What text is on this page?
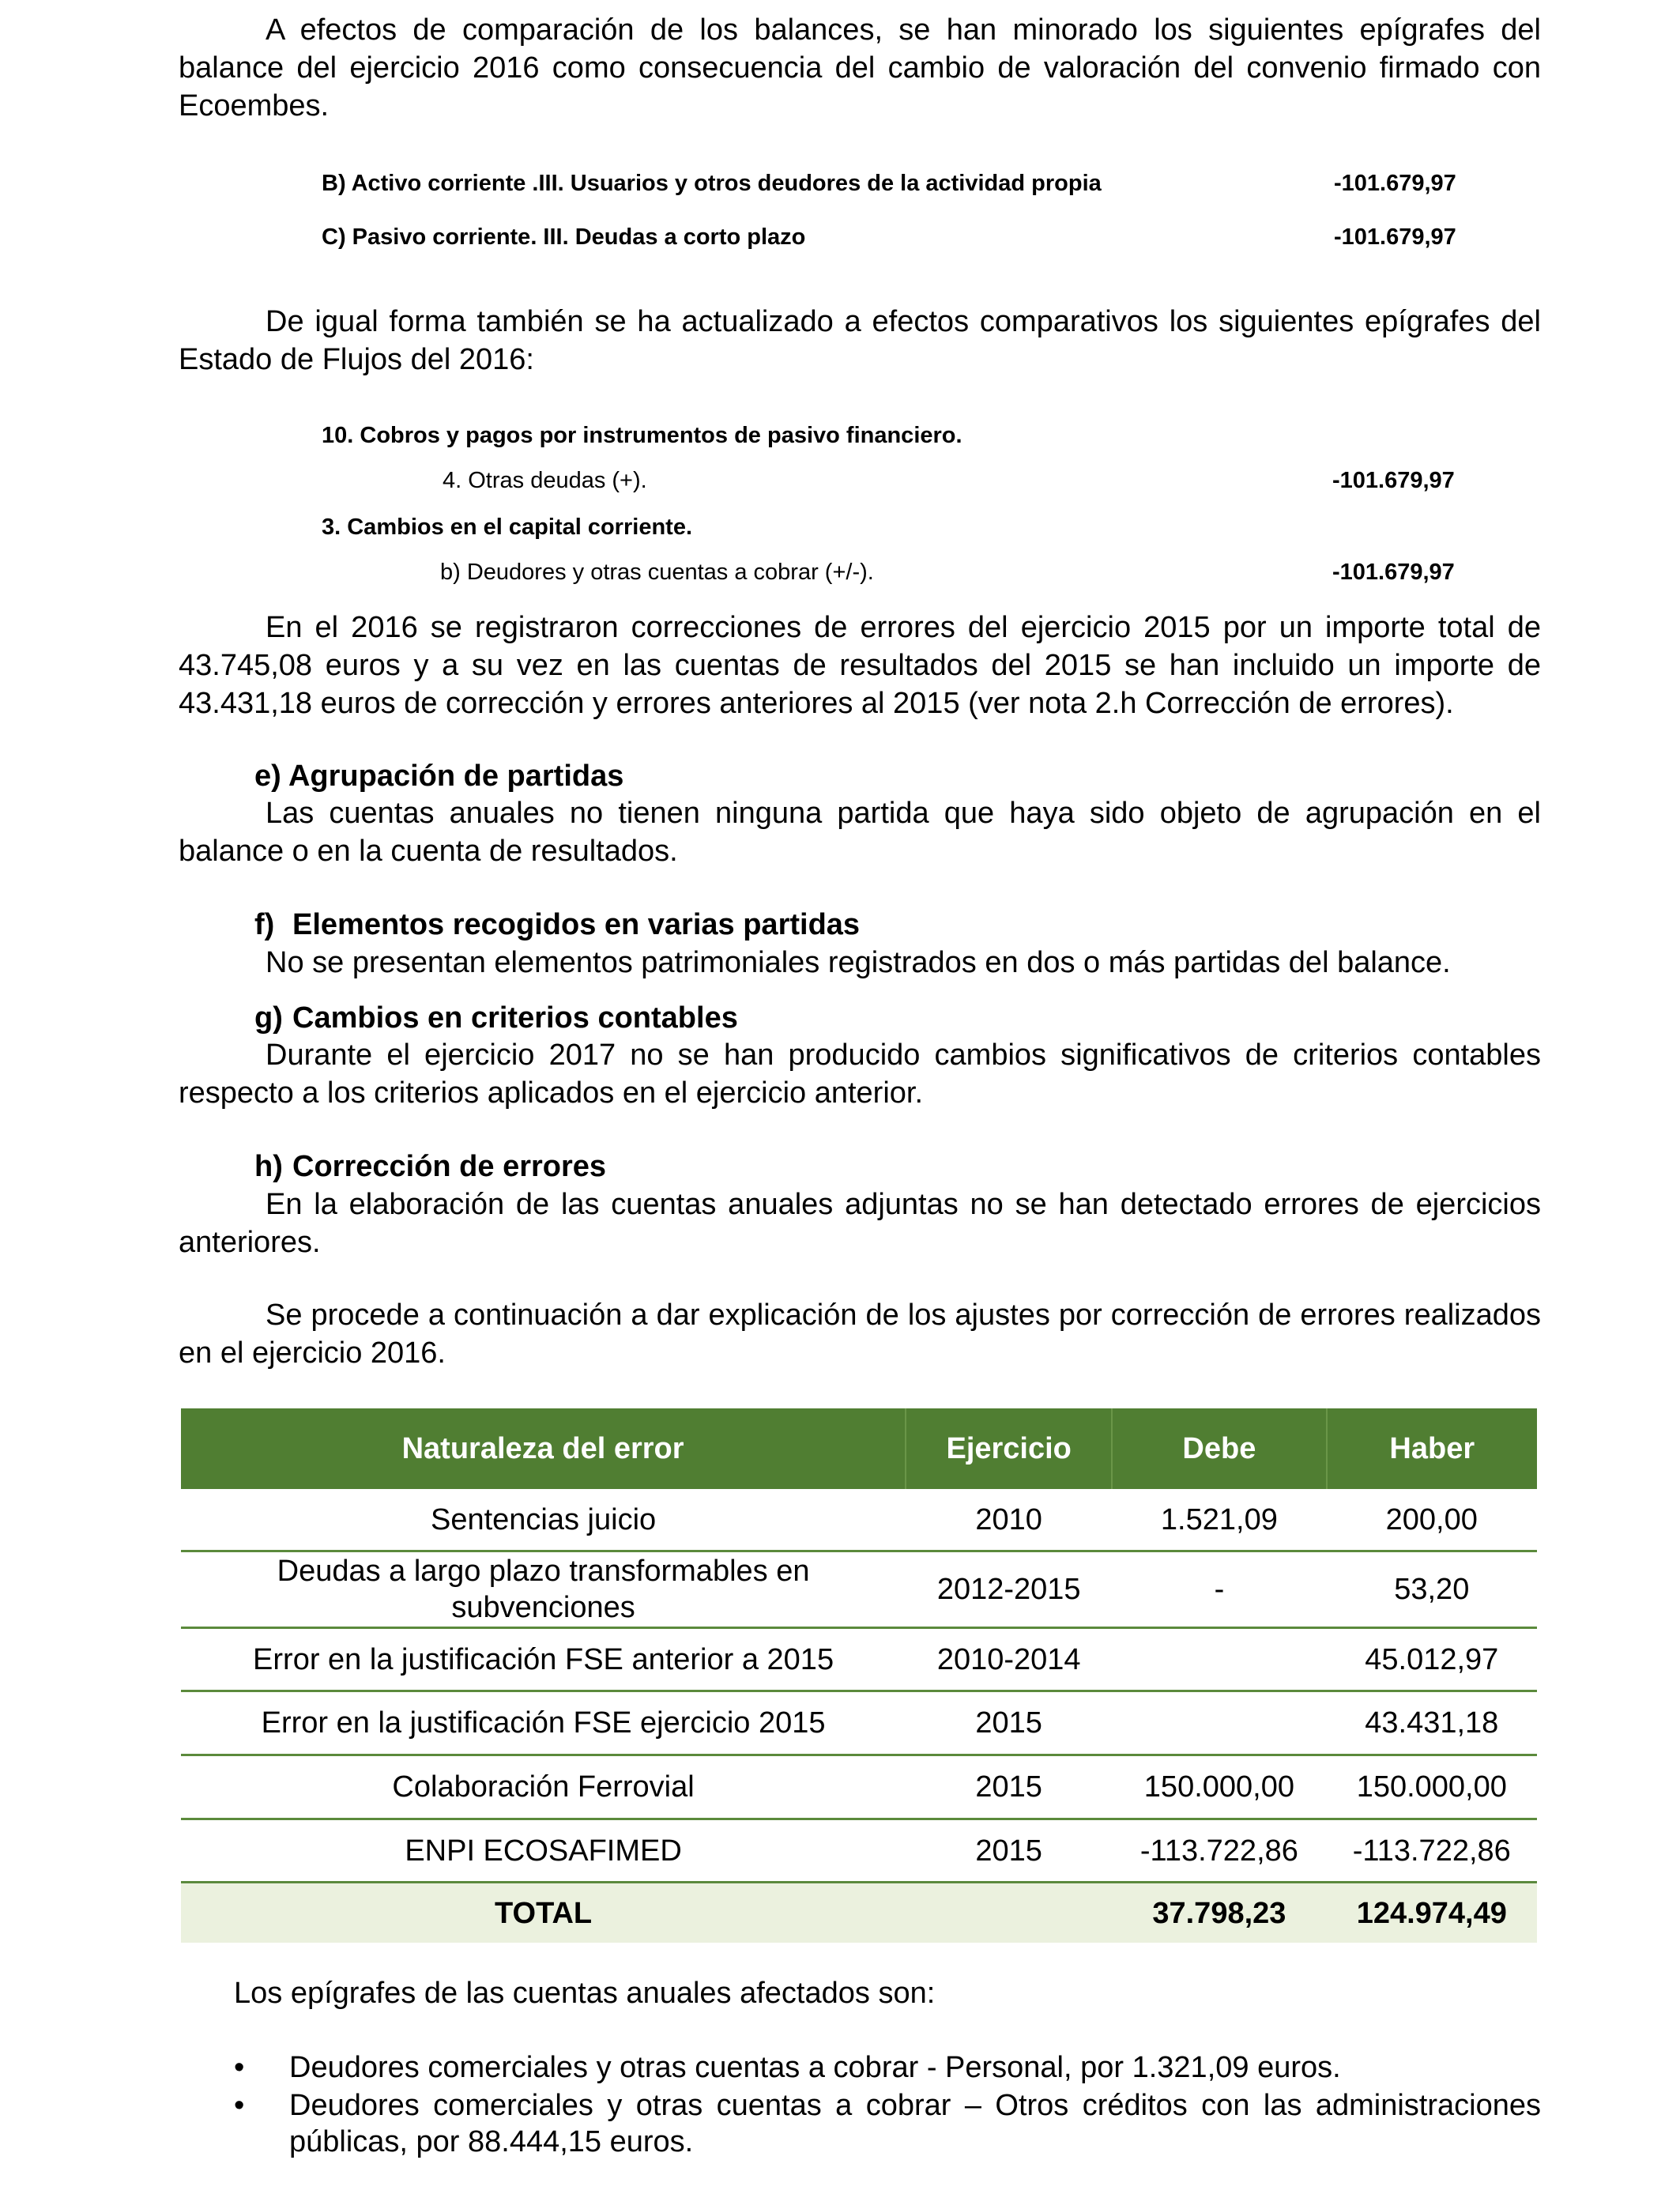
A efectos de comparación de los balances, se han minorado los siguientes epígrafes del balance del ejercicio 2016 como consecuencia del cambio de valoración del convenio firmado con Ecoembes.

B) Activo corriente .III. Usuarios y otros deudores de la actividad propia	-101.679,97
C) Pasivo corriente. III. Deudas a corto plazo	-101.679,97

De igual forma también se ha actualizado a efectos comparativos los siguientes epígrafes del Estado de Flujos del 2016:

10. Cobros y pagos por instrumentos de pasivo financiero.
4. Otras deudas (+).	-101.679,97
3. Cambios en el capital corriente.
b) Deudores y otras cuentas a cobrar (+/-).	-101.679,97

En el 2016 se registraron correcciones de errores del ejercicio 2015 por un importe total de 43.745,08 euros y a su vez en las cuentas de resultados del 2015 se han incluido un importe de 43.431,18 euros de corrección y errores anteriores al 2015 (ver nota 2.h Corrección de errores).

e) Agrupación de partidas

Las cuentas anuales no tienen ninguna partida que haya sido objeto de agrupación en el balance o en la cuenta de resultados.

f) Elementos recogidos en varias partidas
No se presentan elementos patrimoniales registrados en dos o más partidas del balance.
g) Cambios en criterios contables

Durante el ejercicio 2017 no se han producido cambios significativos de criterios contables respecto a los criterios aplicados en el ejercicio anterior.

h) Corrección de errores

En la elaboración de las cuentas anuales adjuntas no se han detectado errores de ejercicios anteriores.

Se procede a continuación a dar explicación de los ajustes por corrección de errores realizados en el ejercicio 2016.

Naturaleza del error	Ejercicio	Debe	Haber
Sentencias juicio	2010	1.521,09	200,00
Deudas a largo plazo transformables en subvenciones	2012-2015	-	53,20
Error en la justificación FSE anterior a 2015	2010-2014		45.012,97
Error en la justificación FSE ejercicio 2015	2015		43.431,18
Colaboración Ferrovial	2015	150.000,00	150.000,00
ENPI ECOSAFIMED	2015	-113.722,86	-113.722,86
TOTAL		37.798,23	124.974,49

Los epígrafes de las cuentas anuales afectados son:

• Deudores comerciales y otras cuentas a cobrar - Personal, por 1.321,09 euros.

• Deudores comerciales y otras cuentas a cobrar – Otros créditos con las administraciones públicas, por 88.444,15 euros.
